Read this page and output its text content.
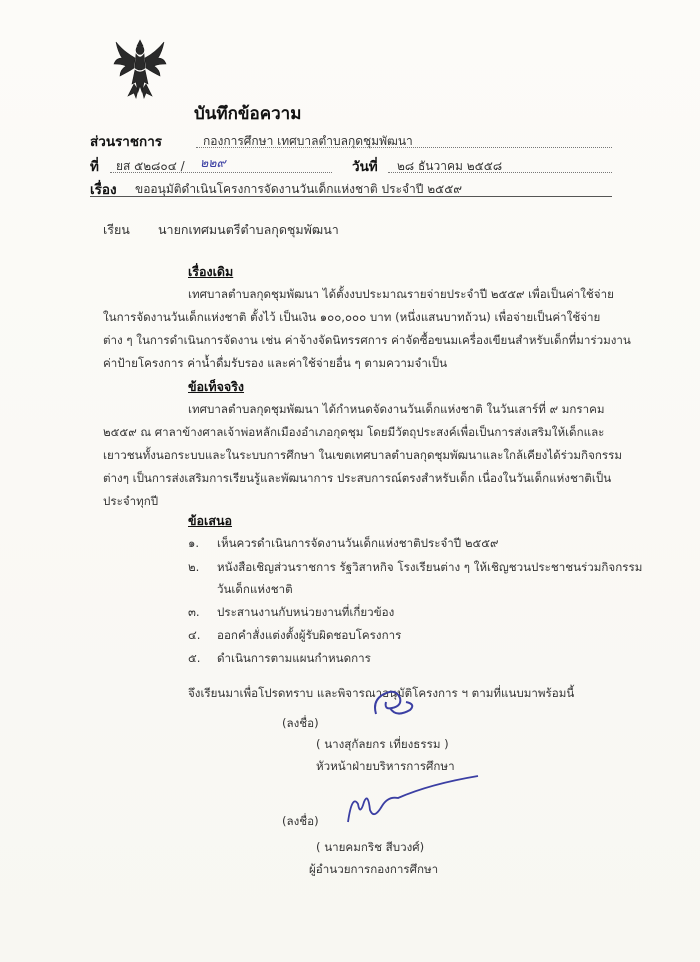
บันทึกข้อความ
ส่วนราชการ	กองการศึกษา เทศบาลตำบลกุดชุมพัฒนา
ที่ ยส ๕๒๘๐๔ / ๒๒๙	วันที่ ๒๘ ธันวาคม ๒๕๕๘
เรื่อง ขออนุมัติดำเนินโครงการจัดงานวันเด็กแห่งชาติ ประจำปี ๒๕๕๙
เรียน นายกเทศมนตรีตำบลกุดชุมพัฒนา
เรื่องเดิม
เทศบาลตำบลกุดชุมพัฒนา ได้ตั้งงบประมาณรายจ่ายประจำปี ๒๕๕๙ เพื่อเป็นค่าใช้จ่าย
ในการจัดงานวันเด็กแห่งชาติ ตั้งไว้ เป็นเงิน ๑๐๐,๐๐๐ บาท (หนึ่งแสนบาทถ้วน) เพื่อจ่ายเป็นค่าใช้จ่าย
ต่าง ๆ ในการดำเนินการจัดงาน เช่น ค่าจ้างจัดนิทรรศการ ค่าจัดซื้อขนมเครื่องเขียนสำหรับเด็กที่มาร่วมงาน
ค่าป้ายโครงการ ค่าน้ำดื่มรับรอง และค่าใช้จ่ายอื่น ๆ ตามความจำเป็น
ข้อเท็จจริง
เทศบาลตำบลกุดชุมพัฒนา ได้กำหนดจัดงานวันเด็กแห่งชาติ ในวันเสาร์ที่ ๙ มกราคม
๒๕๕๙ ณ ศาลาข้างศาลเจ้าพ่อหลักเมืองอำเภอกุดชุม โดยมีวัตถุประสงค์เพื่อเป็นการส่งเสริมให้เด็กและ
เยาวชนทั้งนอกระบบและในระบบการศึกษา ในเขตเทศบาลตำบลกุดชุมพัฒนาและใกล้เคียงได้ร่วมกิจกรรม
ต่างๆ เป็นการส่งเสริมการเรียนรู้และพัฒนาการ ประสบการณ์ตรงสำหรับเด็ก เนื่องในวันเด็กแห่งชาติเป็น
ประจำทุกปี
ข้อเสนอ
๑. เห็นควรดำเนินการจัดงานวันเด็กแห่งชาติประจำปี ๒๕๕๙
๒. หนังสือเชิญส่วนราชการ รัฐวิสาหกิจ โรงเรียนต่าง ๆ ให้เชิญชวนประชาชนร่วมกิจกรรม
วันเด็กแห่งชาติ
๓. ประสานงานกับหน่วยงานที่เกี่ยวข้อง
๔. ออกคำสั่งแต่งตั้งผู้รับผิดชอบโครงการ
๕. ดำเนินการตามแผนกำหนดการ
จึงเรียนมาเพื่อโปรดทราบ และพิจารณาอนุมัติโครงการ ฯ ตามที่แนบมาพร้อมนี้
(ลงชื่อ)
( นางสุกัลยกร เที่ยงธรรม )
หัวหน้าฝ่ายบริหารการศึกษา
(ลงชื่อ)
( นายคมกริช สีบวงศ์)
ผู้อำนวยการกองการศึกษา
